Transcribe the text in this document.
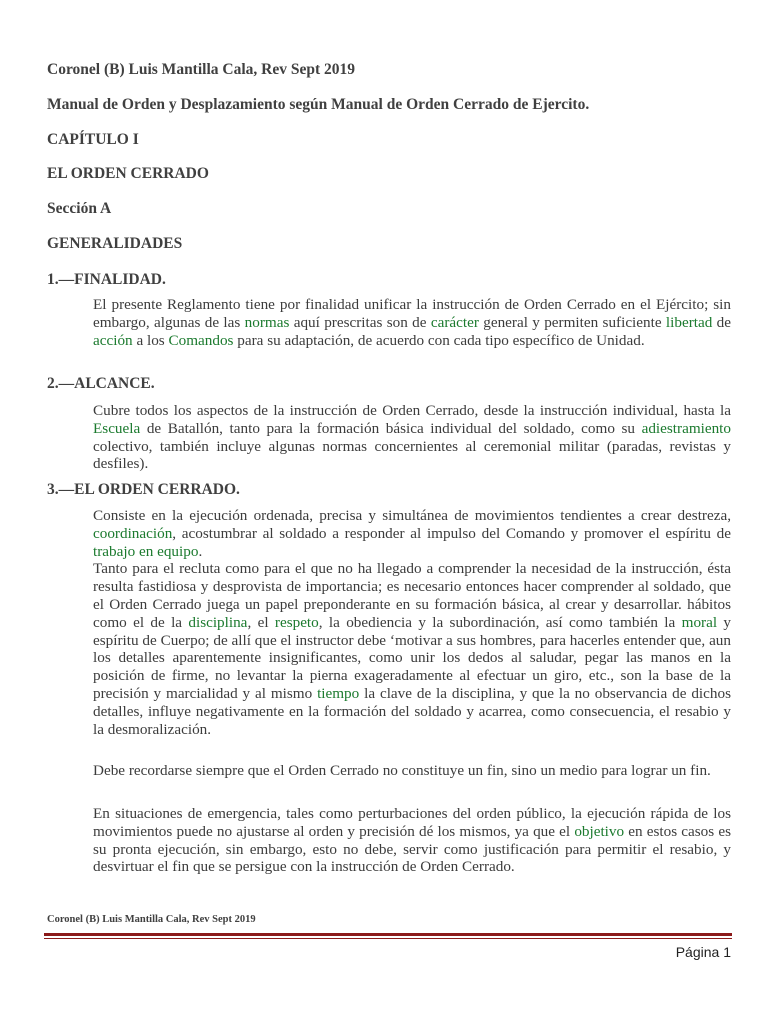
Coronel (B) Luis Mantilla Cala, Rev Sept 2019

Manual de Orden y Desplazamiento según Manual de Orden Cerrado de Ejercito.

CAPÍTULO I

EL ORDEN CERRADO

Sección A

GENERALIDADES

1.—FINALIDAD.

El presente Reglamento tiene por finalidad unificar la instrucción de Orden Cerrado en el Ejército; sin embargo, algunas de las normas aquí prescritas son de carácter general y permiten suficiente libertad de acción a los Comandos para su adaptación, de acuerdo con cada tipo específico de Unidad.

2.—ALCANCE.

Cubre todos los aspectos de la instrucción de Orden Cerrado, desde la instrucción individual, hasta la Escuela de Batallón, tanto para la formación básica individual del soldado, como su adiestramiento colectivo, también incluye algunas normas concernientes al ceremonial militar (paradas, revistas y desfiles).

3.—EL ORDEN CERRADO.

Consiste en la ejecución ordenada, precisa y simultánea de movimientos tendientes a crear destreza, coordinación, acostumbrar al soldado a responder al impulso del Comando y promover el espíritu de trabajo en equipo.
Tanto para el recluta como para el que no ha llegado a comprender la necesidad de la instrucción, ésta resulta fastidiosa y desprovista de importancia; es necesario entonces hacer comprender al soldado, que el Orden Cerrado juega un papel preponderante en su formación básica, al crear y desarrollar. hábitos como el de la disciplina, el respeto, la obediencia y la subordinación, así como también la moral y espíritu de Cuerpo; de allí que el instructor debe ‘motivar a sus hombres, para hacerles entender que, aun los detalles aparentemente insignificantes, como unir los dedos al saludar, pegar las manos en la posición de firme, no levantar la pierna exageradamente al efectuar un giro, etc., son la base de la precisión y marcialidad y al mismo tiempo la clave de la disciplina, y que la no observancia de dichos detalles, influye negativamente en la formación del soldado y acarrea, como consecuencia, el resabio y la desmoralización.

Debe recordarse siempre que el Orden Cerrado no constituye un fin, sino un medio para lograr un fin.

En situaciones de emergencia, tales como perturbaciones del orden público, la ejecución rápida de los movimientos puede no ajustarse al orden y precisión dé los mismos, ya que el objetivo en estos casos es su pronta ejecución, sin embargo, esto no debe, servir como justificación para permitir el resabio, y desvirtuar el fin que se persigue con la instrucción de Orden Cerrado.

Coronel (B) Luis Mantilla Cala, Rev Sept 2019
Página 1
